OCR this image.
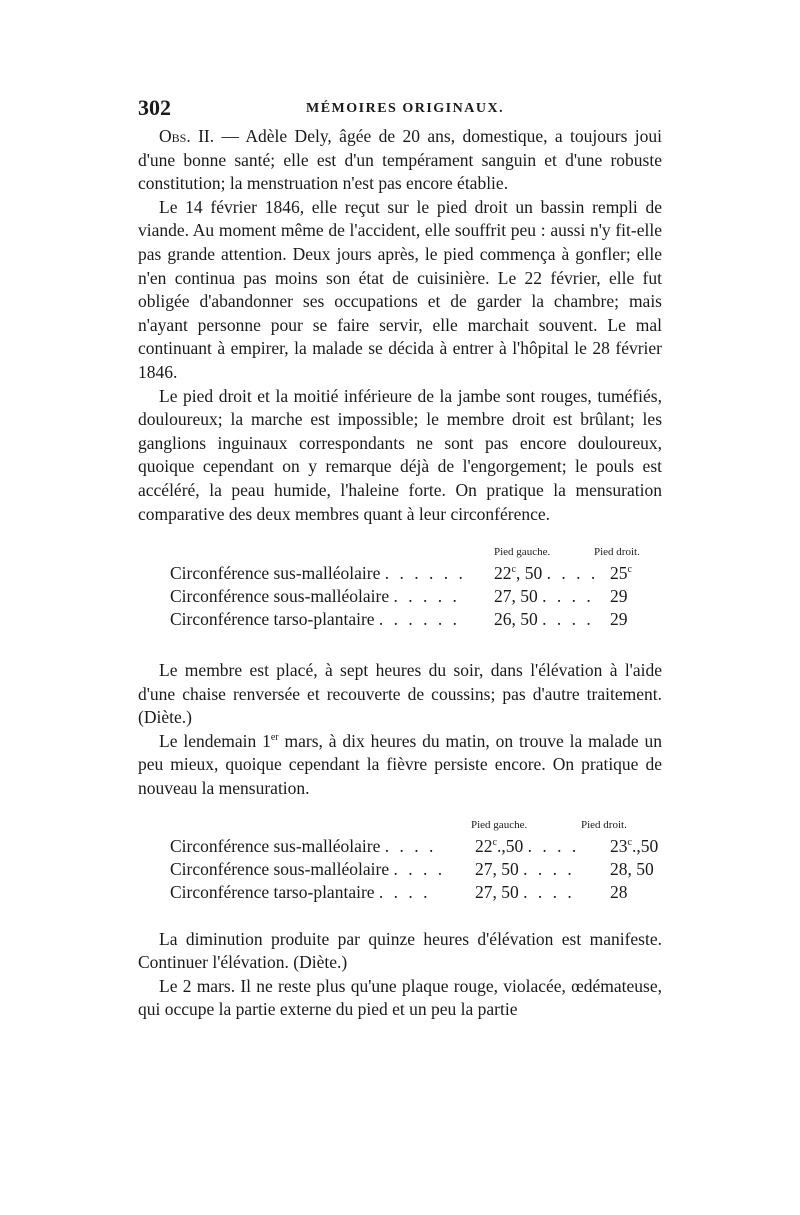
302	MÉMOIRES ORIGINAUX.

Obs. II. — Adèle Dely, âgée de 20 ans, domestique, a toujours joui d'une bonne santé; elle est d'un tempérament sanguin et d'une robuste constitution; la menstruation n'est pas encore établie.

Le 14 février 1846, elle reçut sur le pied droit un bassin rempli de viande. Au moment même de l'accident, elle souffrit peu : aussi n'y fit-elle pas grande attention. Deux jours après, le pied commença à gonfler; elle n'en continua pas moins son état de cuisinière. Le 22 février, elle fut obligée d'abandonner ses occupations et de garder la chambre; mais n'ayant personne pour se faire servir, elle marchait souvent. Le mal continuant à empirer, la malade se décida à entrer à l'hôpital le 28 février 1846.

Le pied droit et la moitié inférieure de la jambe sont rouges, tuméfiés, douloureux; la marche est impossible; le membre droit est brûlant; les ganglions inguinaux correspondants ne sont pas encore douloureux, quoique cependant on y remarque déjà de l'engorgement; le pouls est accéléré, la peau humide, l'haleine forte. On pratique la mensuration comparative des deux membres quant à leur circonférence.

Pied gauche.	Pied droit.
Circonférence sus-malléolaire . . . . . . 22$^c$, 50 . . . . 25$^c$
Circonférence sous-malléolaire . . . . . 27, 50 . . . . 29
Circonférence tarso-plantaire . . . . . . 26, 50 . . . . 29

Le membre est placé, à sept heures du soir, dans l'élévation à l'aide d'une chaise renversée et recouverte de coussins; pas d'autre traitement. (Diète.)

Le lendemain 1er mars, à dix heures du matin, on trouve la malade un peu mieux, quoique cependant la fièvre persiste encore. On pratique de nouveau la mensuration.

Pied gauche.	Pied droit.
Circonférence sus-malléolaire . . . . 22$^c$.,50 . . . . 23$^c$.,50
Circonférence sous-malléolaire . . . . 27, 50 . . . . 28, 50
Circonférence tarso-plantaire . . . .	27, 50 . . . . 28

La diminution produite par quinze heures d'élévation est manifeste. Continuer l'élévation. (Diète.)

Le 2 mars. Il ne reste plus qu'une plaque rouge, violacée, œdémateuse, qui occupe la partie externe du pied et un peu la partie
